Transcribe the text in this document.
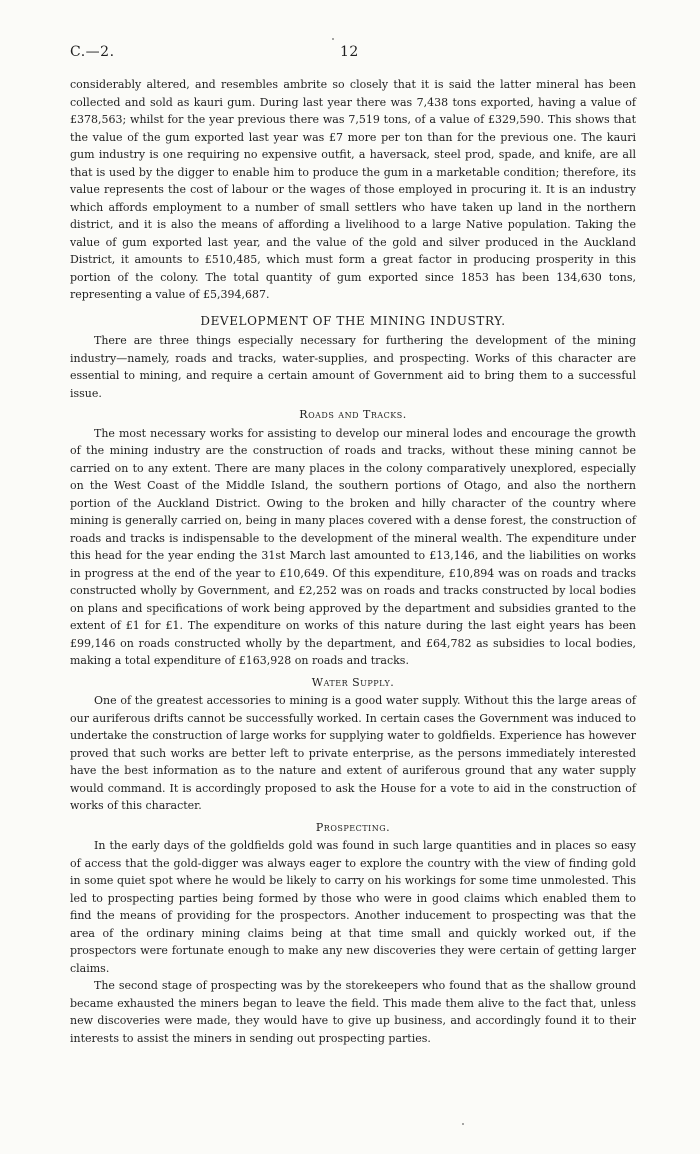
C.—2.	12

considerably altered, and resembles ambrite so closely that it is said the latter mineral has been collected and sold as kauri gum. During last year there was 7,438 tons exported, having a value of £378,563; whilst for the year previous there was 7,519 tons, of a value of £329,590. This shows that the value of the gum exported last year was £7 more per ton than for the previous one. The kauri gum industry is one requiring no expensive outfit, a haversack, steel prod, spade, and knife, are all that is used by the digger to enable him to produce the gum in a marketable condition; therefore, its value represents the cost of labour or the wages of those employed in procuring it. It is an industry which affords employment to a number of small settlers who have taken up land in the northern district, and it is also the means of affording a livelihood to a large Native population. Taking the value of gum exported last year, and the value of the gold and silver produced in the Auckland District, it amounts to £510,485, which must form a great factor in producing prosperity in this portion of the colony. The total quantity of gum exported since 1853 has been 134,630 tons, representing a value of £5,394,687.

DEVELOPMENT OF THE MINING INDUSTRY.

There are three things especially necessary for furthering the development of the mining industry—namely, roads and tracks, water-supplies, and prospecting. Works of this character are essential to mining, and require a certain amount of Government aid to bring them to a successful issue.

Roads and Tracks.

The most necessary works for assisting to develop our mineral lodes and encourage the growth of the mining industry are the construction of roads and tracks, without these mining cannot be carried on to any extent. There are many places in the colony comparatively unexplored, especially on the West Coast of the Middle Island, the southern portions of Otago, and also the northern portion of the Auckland District. Owing to the broken and hilly character of the country where mining is generally carried on, being in many places covered with a dense forest, the construction of roads and tracks is indispensable to the development of the mineral wealth. The expenditure under this head for the year ending the 31st March last amounted to £13,146, and the liabilities on works in progress at the end of the year to £10,649. Of this expenditure, £10,894 was on roads and tracks constructed wholly by Government, and £2,252 was on roads and tracks constructed by local bodies on plans and specifications of work being approved by the department and subsidies granted to the extent of £1 for £1. The expenditure on works of this nature during the last eight years has been £99,146 on roads constructed wholly by the department, and £64,782 as subsidies to local bodies, making a total expenditure of £163,928 on roads and tracks.

Water Supply.

One of the greatest accessories to mining is a good water supply. Without this the large areas of our auriferous drifts cannot be successfully worked. In certain cases the Government was induced to undertake the construction of large works for supplying water to goldfields. Experience has however proved that such works are better left to private enterprise, as the persons immediately interested have the best information as to the nature and extent of auriferous ground that any water supply would command. It is accordingly proposed to ask the House for a vote to aid in the construction of works of this character.

Prospecting.

In the early days of the goldfields gold was found in such large quantities and in places so easy of access that the gold-digger was always eager to explore the country with the view of finding gold in some quiet spot where he would be likely to carry on his workings for some time unmolested. This led to prospecting parties being formed by those who were in good claims which enabled them to find the means of providing for the prospectors. Another inducement to prospecting was that the area of the ordinary mining claims being at that time small and quickly worked out, if the prospectors were fortunate enough to make any new discoveries they were certain of getting larger claims.

The second stage of prospecting was by the storekeepers who found that as the shallow ground became exhausted the miners began to leave the field. This made them alive to the fact that, unless new discoveries were made, they would have to give up business, and accordingly found it to their interests to assist the miners in sending out prospecting parties.
